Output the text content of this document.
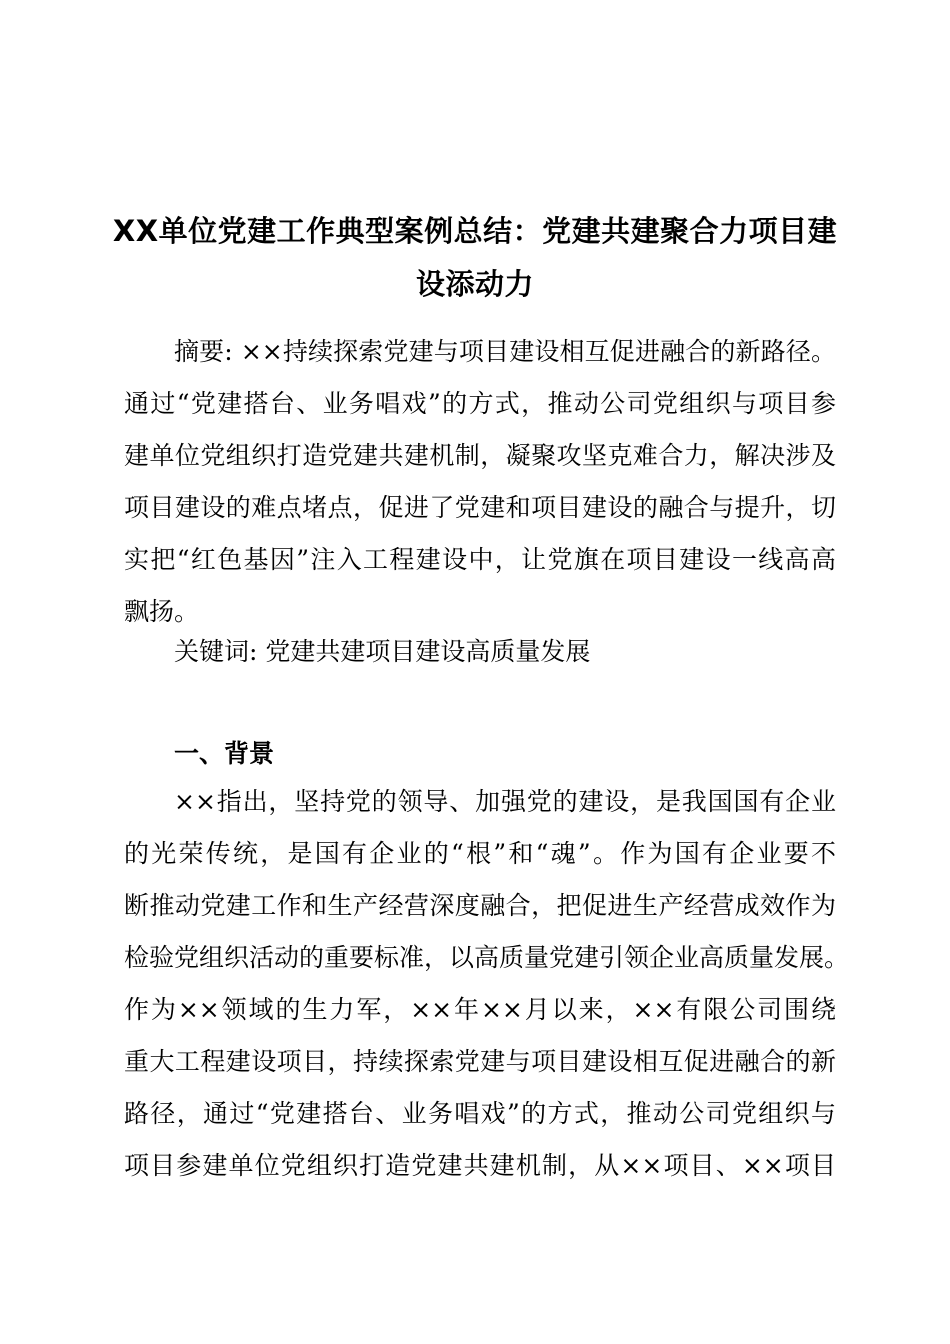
XX单位党建工作典型案例总结：党建共建聚合力项目建
设添动力
摘要: ××持续探索党建与项目建设相互促进融合的新路径。
通过“党建搭台、业务唱戏”的方式，推动公司党组织与项目参
建单位党组织打造党建共建机制，凝聚攻坚克难合力，解决涉及
项目建设的难点堵点，促进了党建和项目建设的融合与提升，切
实把“红色基因”注入工程建设中，让党旗在项目建设一线高高
飘扬。
关键词: 党建共建项目建设高质量发展
一、背景
××指出，坚持党的领导、加强党的建设，是我国国有企业
的光荣传统，是国有企业的“根”和“魂”。作为国有企业要不
断推动党建工作和生产经营深度融合，把促进生产经营成效作为
检验党组织活动的重要标准，以高质量党建引领企业高质量发展。
作为××领域的生力军，××年××月以来，××有限公司围绕
重大工程建设项目，持续探索党建与项目建设相互促进融合的新
路径，通过“党建搭台、业务唱戏”的方式，推动公司党组织与
项目参建单位党组织打造党建共建机制，从××项目、××项目
